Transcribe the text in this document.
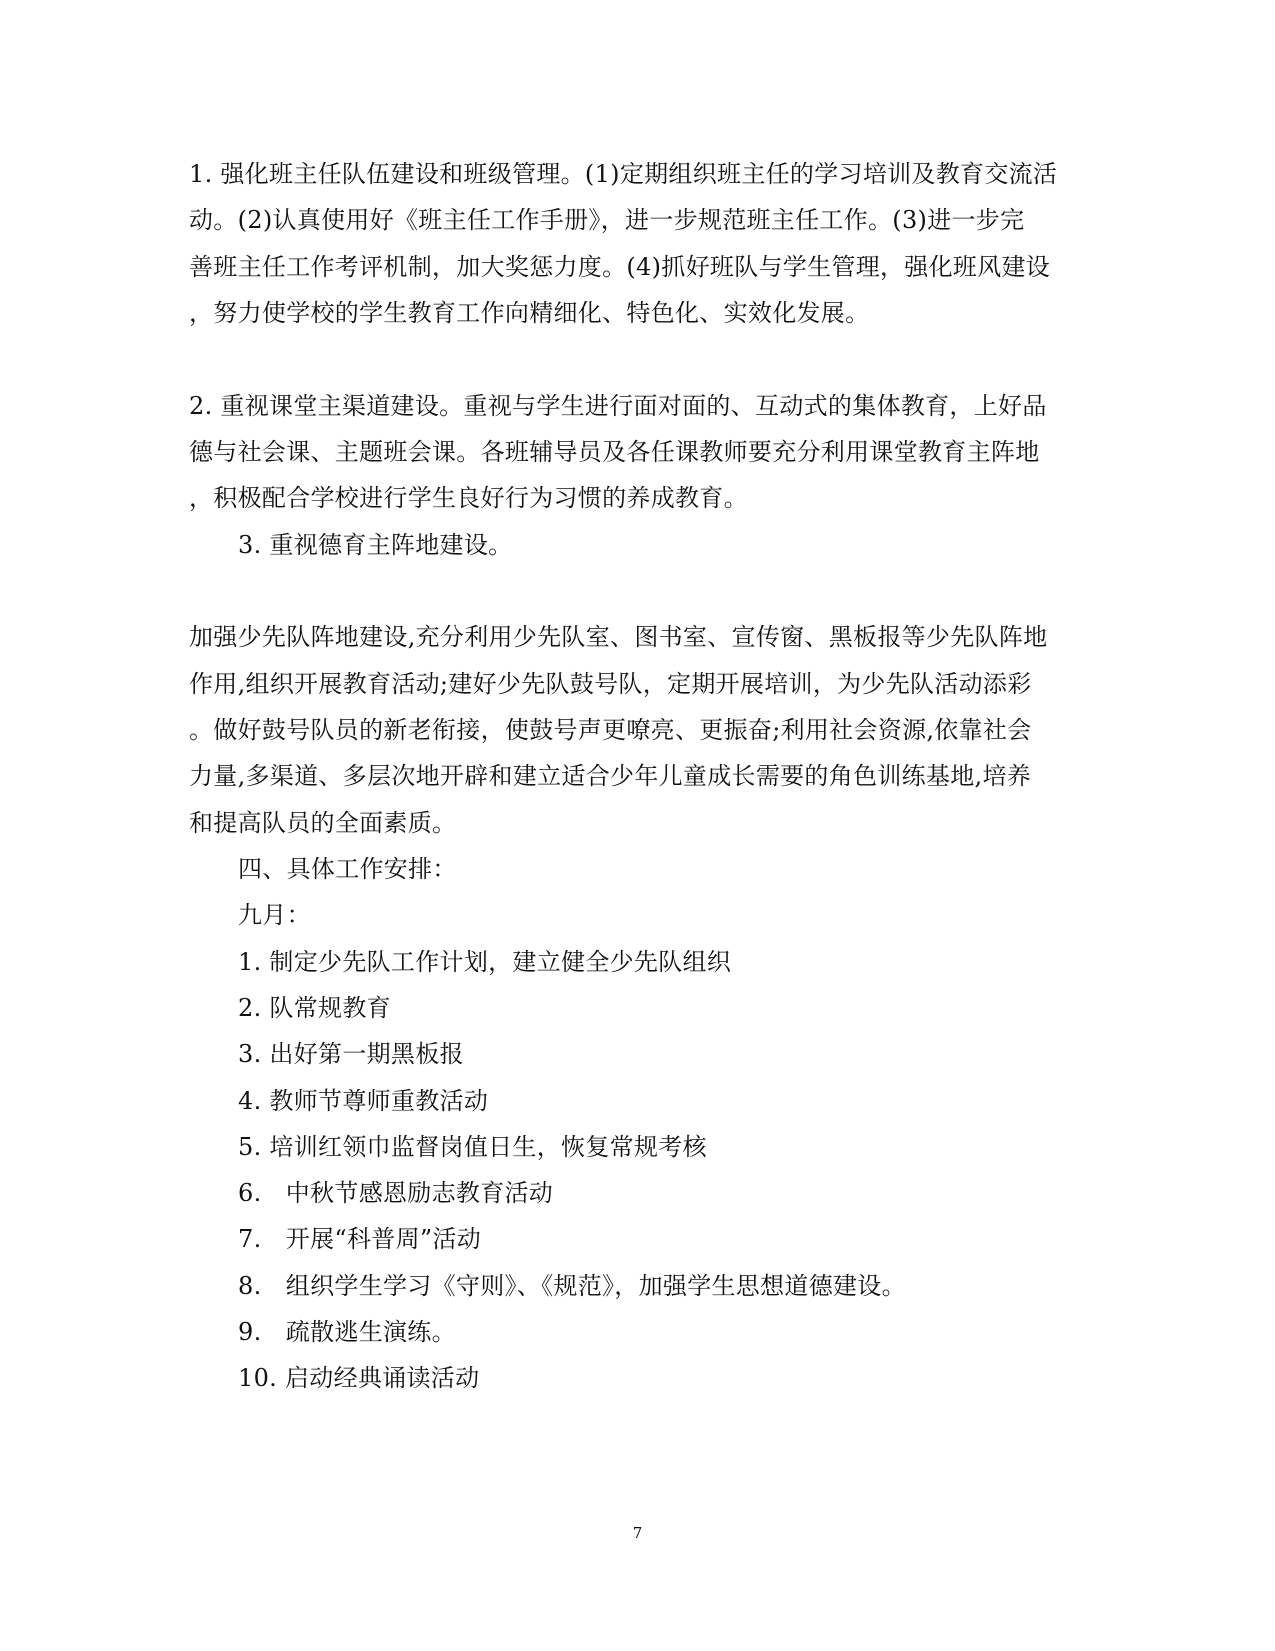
1. 强化班主任队伍建设和班级管理。(1)定期组织班主任的学习培训及教育交流活
动。(2)认真使用好《班主任工作手册》，进一步规范班主任工作。(3)进一步完
善班主任工作考评机制，加大奖惩力度。(4)抓好班队与学生管理，强化班风建设
，努力使学校的学生教育工作向精细化、特色化、实效化发展。
2. 重视课堂主渠道建设。重视与学生进行面对面的、互动式的集体教育，上好品
德与社会课、主题班会课。各班辅导员及各任课教师要充分利用课堂教育主阵地
，积极配合学校进行学生良好行为习惯的养成教育。
3. 重视德育主阵地建设。
加强少先队阵地建设,充分利用少先队室、图书室、宣传窗、黑板报等少先队阵地
作用,组织开展教育活动;建好少先队鼓号队，定期开展培训，为少先队活动添彩
。做好鼓号队员的新老衔接，使鼓号声更嘹亮、更振奋;利用社会资源,依靠社会
力量,多渠道、多层次地开辟和建立适合少年儿童成长需要的角色训练基地,培养
和提高队员的全面素质。
四、具体工作安排：
九月：
1. 制定少先队工作计划，建立健全少先队组织
2. 队常规教育
3. 出好第一期黑板报
4. 教师节尊师重教活动
5. 培训红领巾监督岗值日生，恢复常规考核
6.　中秋节感恩励志教育活动
7.　开展“科普周”活动
8.　组织学生学习《守则》、《规范》，加强学生思想道德建设。
9.　疏散逃生演练。
10. 启动经典诵读活动
7
